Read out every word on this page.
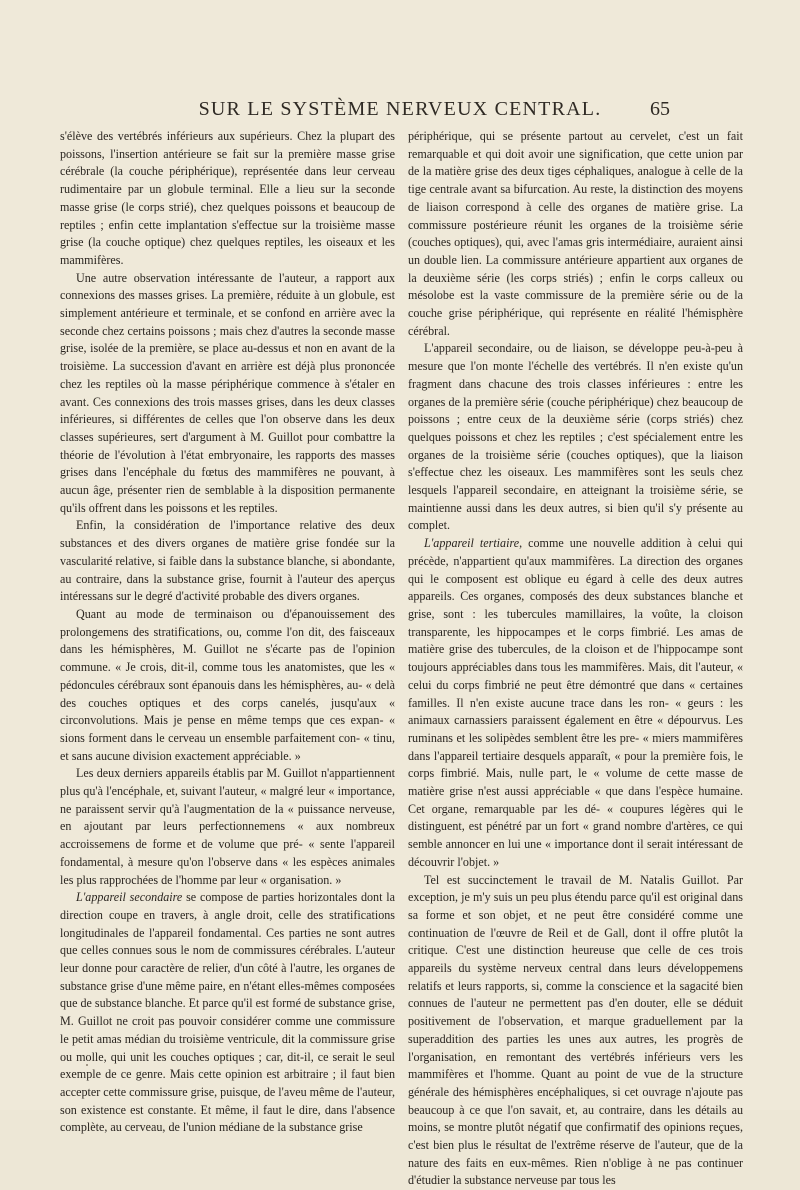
SUR LE SYSTÈME NERVEUX CENTRAL.	65

s'élève des vertébrés inférieurs aux supérieurs. Chez la plupart des poissons, l'insertion antérieure se fait sur la première masse grise cérébrale (la couche périphérique), représentée dans leur cerveau rudimentaire par un globule terminal. Elle a lieu sur la seconde masse grise (le corps strié), chez quelques poissons et beaucoup de reptiles ; enfin cette implantation s'effectue sur la troisième masse grise (la couche optique) chez quelques reptiles, les oiseaux et les mammifères.

Une autre observation intéressante de l'auteur, a rapport aux connexions des masses grises. La première, réduite à un globule, est simplement antérieure et terminale, et se confond en arrière avec la seconde chez certains poissons ; mais chez d'autres la seconde masse grise, isolée de la première, se place au-dessus et non en avant de la troisième. La succession d'avant en arrière est déjà plus prononcée chez les reptiles où la masse périphérique commence à s'étaler en avant. Ces connexions des trois masses grises, dans les deux classes inférieures, si différentes de celles que l'on observe dans les deux classes supérieures, sert d'argument à M. Guillot pour combattre la théorie de l'évolution à l'état embryonaire, les rapports des masses grises dans l'encéphale du fœtus des mammifères ne pouvant, à aucun âge, présenter rien de semblable à la disposition permanente qu'ils offrent dans les poissons et les reptiles.

Enfin, la considération de l'importance relative des deux substances et des divers organes de matière grise fondée sur la vascularité relative, si faible dans la substance blanche, si abondante, au contraire, dans la substance grise, fournit à l'auteur des aperçus intéressans sur le degré d'activité probable des divers organes.

Quant au mode de terminaison ou d'épanouissement des prolongemens des stratifications, ou, comme l'on dit, des faisceaux dans les hémisphères, M. Guillot ne s'écarte pas de l'opinion commune. « Je crois, dit-il, comme tous les anatomistes, que les « pédoncules cérébraux sont épanouis dans les hémisphères, au- « delà des couches optiques et des corps canelés, jusqu'aux « circonvolutions. Mais je pense en même temps que ces expan- « sions forment dans le cerveau un ensemble parfaitement con- « tinu, et sans aucune division exactement appréciable. »

Les deux derniers appareils établis par M. Guillot n'appartiennent plus qu'à l'encéphale, et, suivant l'auteur, « malgré leur « importance, ne paraissent servir qu'à l'augmentation de la « puissance nerveuse, en ajoutant par leurs perfectionnemens « aux nombreux accroissemens de forme et de volume que pré- « sente l'appareil fondamental, à mesure qu'on l'observe dans « les espèces animales les plus rapprochées de l'homme par leur « organisation. »

L'appareil secondaire se compose de parties horizontales dont la direction coupe en travers, à angle droit, celle des stratifications longitudinales de l'appareil fondamental. Ces parties ne sont autres que celles connues sous le nom de commissures cérébrales. L'auteur leur donne pour caractère de relier, d'un côté à l'autre, les organes de substance grise d'une même paire, en n'étant elles-mêmes composées que de substance blanche. Et parce qu'il est formé de substance grise, M. Guillot ne croit pas pouvoir considérer comme une commissure le petit amas médian du troisième ventricule, dit la commissure grise ou molle, qui unit les couches optiques ; car, dit-il, ce serait le seul exemple de ce genre. Mais cette opinion est arbitraire ; il faut bien accepter cette commissure grise, puisque, de l'aveu même de l'auteur, son existence est constante. Et même, il faut le dire, dans l'absence complète, au cerveau, de l'union médiane de la substance grise

périphérique, qui se présente partout au cervelet, c'est un fait remarquable et qui doit avoir une signification, que cette union par de la matière grise des deux tiges céphaliques, analogue à celle de la tige centrale avant sa bifurcation. Au reste, la distinction des moyens de liaison correspond à celle des organes de matière grise. La commissure postérieure réunit les organes de la troisième série (couches optiques), qui, avec l'amas gris intermédiaire, auraient ainsi un double lien. La commissure antérieure appartient aux organes de la deuxième série (les corps striés) ; enfin le corps calleux ou mésolobe est la vaste commissure de la première série ou de la couche grise périphérique, qui représente en réalité l'hémisphère cérébral.

L'appareil secondaire, ou de liaison, se développe peu-à-peu à mesure que l'on monte l'échelle des vertébrés. Il n'en existe qu'un fragment dans chacune des trois classes inférieures : entre les organes de la première série (couche périphérique) chez beaucoup de poissons ; entre ceux de la deuxième série (corps striés) chez quelques poissons et chez les reptiles ; c'est spécialement entre les organes de la troisième série (couches optiques), que la liaison s'effectue chez les oiseaux. Les mammifères sont les seuls chez lesquels l'appareil secondaire, en atteignant la troisième série, se maintienne aussi dans les deux autres, si bien qu'il s'y présente au complet.

L'appareil tertiaire, comme une nouvelle addition à celui qui précède, n'appartient qu'aux mammifères. La direction des organes qui le composent est oblique eu égard à celle des deux autres appareils. Ces organes, composés des deux substances blanche et grise, sont : les tubercules mamillaires, la voûte, la cloison transparente, les hippocampes et le corps fimbrié. Les amas de matière grise des tubercules, de la cloison et de l'hippocampe sont toujours appréciables dans tous les mammifères. Mais, dit l'auteur, « celui du corps fimbrié ne peut être démontré que dans « certaines familles. Il n'en existe aucune trace dans les ron- « geurs : les animaux carnassiers paraissent également en être « dépourvus. Les ruminans et les solipèdes semblent être les pre- « miers mammifères dans l'appareil tertiaire desquels apparaît, « pour la première fois, le corps fimbrié. Mais, nulle part, le « volume de cette masse de matière grise n'est aussi appréciable « que dans l'espèce humaine. Cet organe, remarquable par les dé- « coupures légères qui le distinguent, est pénétré par un fort « grand nombre d'artères, ce qui semble annoncer en lui une « importance dont il serait intéressant de découvrir l'objet. »

Tel est succinctement le travail de M. Natalis Guillot. Par exception, je m'y suis un peu plus étendu parce qu'il est original dans sa forme et son objet, et ne peut être considéré comme une continuation de l'œuvre de Reil et de Gall, dont il offre plutôt la critique. C'est une distinction heureuse que celle de ces trois appareils du système nerveux central dans leurs développemens relatifs et leurs rapports, si, comme la conscience et la sagacité bien connues de l'auteur ne permettent pas d'en douter, elle se déduit positivement de l'observation, et marque graduellement par la superaddition des parties les unes aux autres, les progrès de l'organisation, en remontant des vertébrés inférieurs vers les mammifères et l'homme. Quant au point de vue de la structure générale des hémisphères encéphaliques, si cet ouvrage n'ajoute pas beaucoup à ce que l'on savait, et, au contraire, dans les détails au moins, se montre plutôt négatif que confirmatif des opinions reçues, c'est bien plus le résultat de l'extrême réserve de l'auteur, que de la nature des faits en eux-mêmes. Rien n'oblige à ne pas continuer d'étudier la substance nerveuse par tous les
